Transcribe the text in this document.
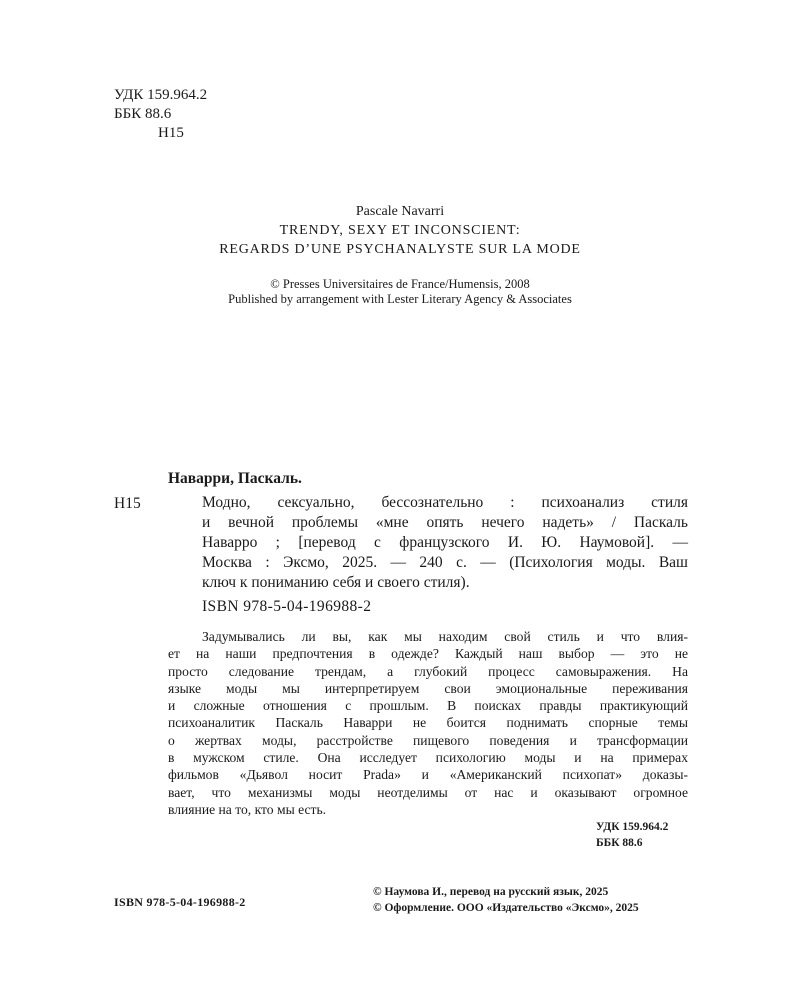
УДК 159.964.2
ББК 88.6
Н15
Pascale Navarri
TRENDY, SEXY ET INCONSCIENT:
REGARDS D’UNE PSYCHANALYSTE SUR LA MODE
© Presses Universitaires de France/Humensis, 2008
Published by arrangement with Lester Literary Agency & Associates
Наварри, Паскаль.
Н15	Модно, сексуально, бессознательно : психоанализ стиля
и вечной проблемы «мне опять нечего надеть» / Паскаль
Наварро ; [перевод с французского И. Ю. Наумовой]. —
Москва : Эксмо, 2025. — 240 с. — (Психология моды. Ваш
ключ к пониманию себя и своего стиля).
ISBN 978-5-04-196988-2
Задумывались ли вы, как мы находим свой стиль и что влия-
ет на наши предпочтения в одежде? Каждый наш выбор — это не
просто следование трендам, а глубокий процесс самовыражения. На
языке моды мы интерпретируем свои эмоциональные переживания
и сложные отношения с прошлым. В поисках правды практикующий
психоаналитик Паскаль Наварри не боится поднимать спорные темы
о жертвах моды, расстройстве пищевого поведения и трансформации
в мужском стиле. Она исследует психологию моды и на примерах
фильмов «Дьявол носит Prada» и «Американский психопат» доказы-
вает, что механизмы моды неотделимы от нас и оказывают огромное
влияние на то, кто мы есть.
УДК 159.964.2
ББК 88.6
ISBN 978-5-04-196988-2
© Наумова И., перевод на русский язык, 2025
© Оформление. ООО «Издательство «Эксмо», 2025
